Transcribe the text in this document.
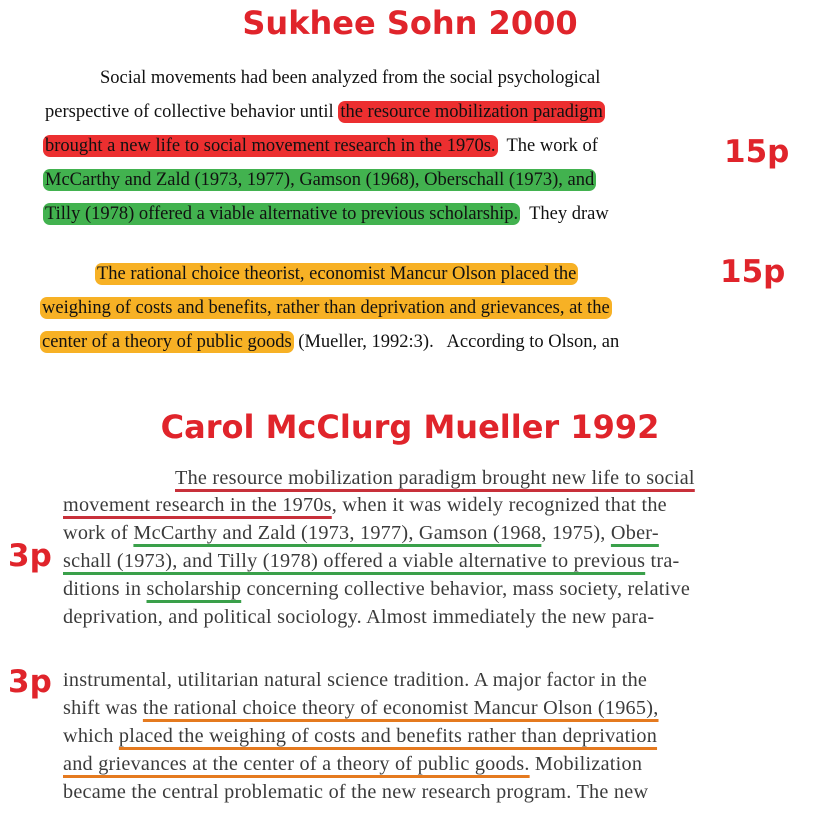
Sukhee Sohn 2000

Social movements had been analyzed from the social psychological

perspective of collective behavior until the resource mobilization paradigm

brought a new life to social movement research in the 1970s.  The work of

McCarthy and Zald (1973, 1977), Gamson (1968), Oberschall (1973), and

Tilly (1978) offered a viable alternative to previous scholarship.  They draw

15p

The rational choice theorist, economist Mancur Olson placed the

weighing of costs and benefits, rather than deprivation and grievances, at the

center of a theory of public goods (Mueller, 1992:3).   According to Olson, an

15p
Carol McClurg Mueller 1992

The resource mobilization paradigm brought new life to social

movement research in the 1970s, when it was widely recognized that the

work of McCarthy and Zald (1973, 1977), Gamson (1968, 1975), Ober-

schall (1973), and Tilly (1978) offered a viable alternative to previous tra-

ditions in scholarship concerning collective behavior, mass society, relative

deprivation, and political sociology. Almost immediately the new para-

3p

instrumental, utilitarian natural science tradition. A major factor in the

shift was the rational choice theory of economist Mancur Olson (1965),

which placed the weighing of costs and benefits rather than deprivation

and grievances at the center of a theory of public goods. Mobilization

became the central problematic of the new research program. The new

3p
